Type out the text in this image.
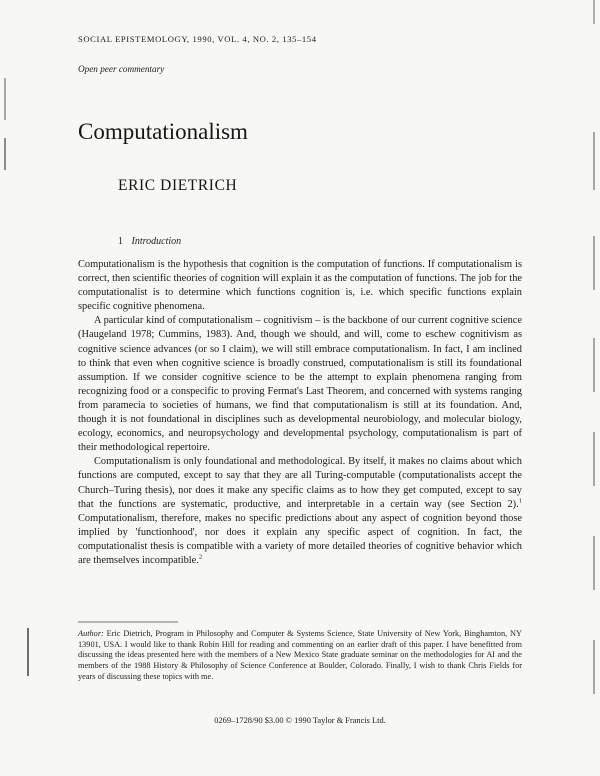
SOCIAL EPISTEMOLOGY, 1990, VOL. 4, NO. 2, 135–154
Open peer commentary
Computationalism
ERIC DIETRICH
1 Introduction

Computationalism is the hypothesis that cognition is the computation of functions. If computationalism is correct, then scientific theories of cognition will explain it as the computation of functions. The job for the computationalist is to determine which functions cognition is, i.e. which specific functions explain specific cognitive phenomena.

A particular kind of computationalism – cognitivism – is the backbone of our current cognitive science (Haugeland 1978; Cummins, 1983). And, though we should, and will, come to eschew cognitivism as cognitive science advances (or so I claim), we will still embrace computationalism. In fact, I am inclined to think that even when cognitive science is broadly construed, computationalism is still its foundational assumption. If we consider cognitive science to be the attempt to explain phenomena ranging from recognizing food or a conspecific to proving Fermat's Last Theorem, and concerned with systems ranging from paramecia to societies of humans, we find that computationalism is still at its foundation. And, though it is not foundational in disciplines such as developmental neurobiology, and molecular biology, ecology, economics, and neuropsychology and developmental psychology, computationalism is part of their methodological repertoire.

Computationalism is only foundational and methodological. By itself, it makes no claims about which functions are computed, except to say that they are all Turing-computable (computationalists accept the Church–Turing thesis), nor does it make any specific claims as to how they get computed, except to say that the functions are systematic, productive, and interpretable in a certain way (see Section 2).$^1$ Computationalism, therefore, makes no specific predictions about any aspect of cognition beyond those implied by 'functionhood', nor does it explain any specific aspect of cognition. In fact, the computationalist thesis is compatible with a variety of more detailed theories of cognitive behavior which are themselves incompatible.$^2$

Author: Eric Dietrich, Program in Philosophy and Computer & Systems Science, State University of New York, Binghamton, NY 13901, USA. I would like to thank Robin Hill for reading and commenting on an earlier draft of this paper. I have benefitted from discussing the ideas presented here with the members of a New Mexico State graduate seminar on the methodologies for AI and the members of the 1988 History & Philosophy of Science Conference at Boulder, Colorado. Finally, I wish to thank Chris Fields for years of discussing these topics with me.
0269–1728/90 $3.00 © 1990 Taylor & Francis Ltd.
